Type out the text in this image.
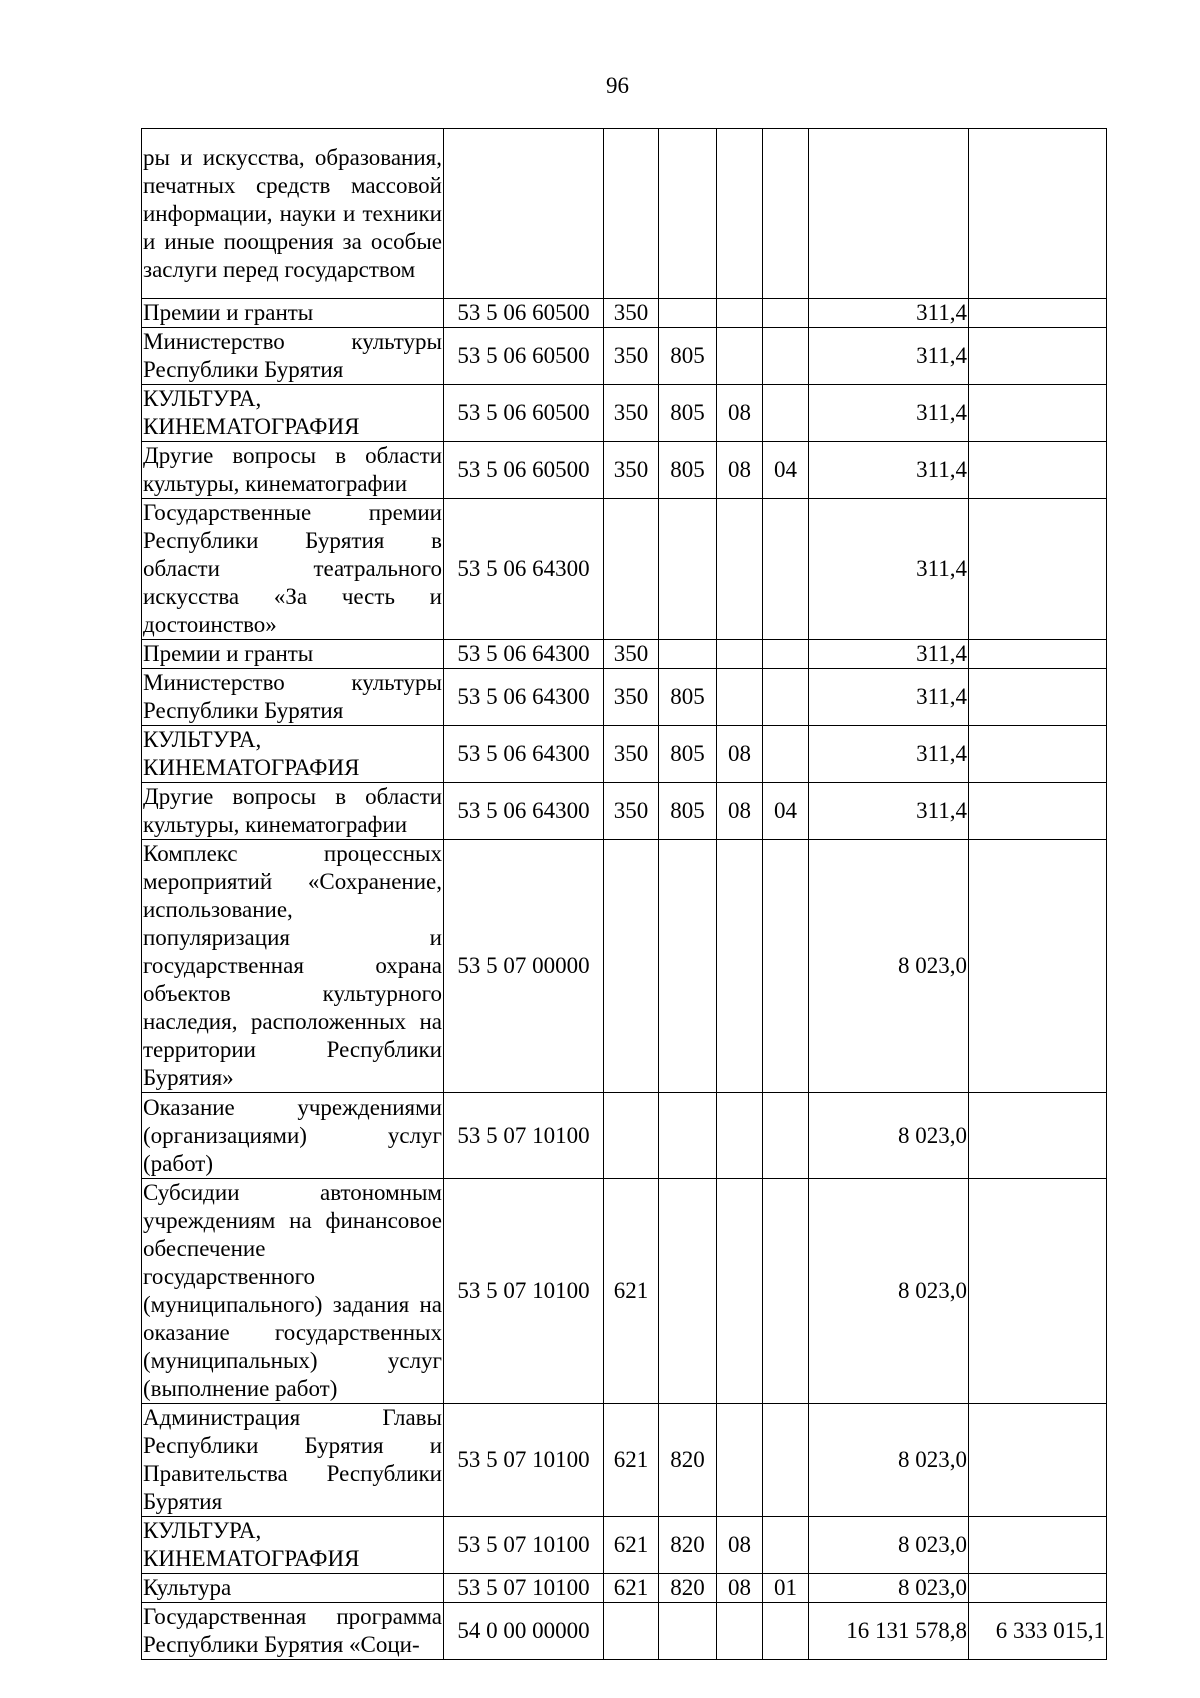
96
ры и искусства, образования, печатных средств массовой информации, науки и техники и иные поощрения за особые заслуги перед государством							
Премии и гранты	53 5 06 60500	350				311,4	
Министерство культуры Республики Бурятия	53 5 06 60500	350	805			311,4	
КУЛЬТУРА, КИНЕМАТОГРАФИЯ	53 5 06 60500	350	805	08		311,4	
Другие вопросы в области культуры, кинематографии	53 5 06 60500	350	805	08	04	311,4	
Государственные премии Республики Бурятия в области театрального искусства «За честь и достоинство»	53 5 06 64300					311,4	
Премии и гранты	53 5 06 64300	350				311,4	
Министерство культуры Республики Бурятия	53 5 06 64300	350	805			311,4	
КУЛЬТУРА, КИНЕМАТОГРАФИЯ	53 5 06 64300	350	805	08		311,4	
Другие вопросы в области культуры, кинематографии	53 5 06 64300	350	805	08	04	311,4	
Комплекс процессных мероприятий «Сохранение, использование, популяризация и государственная охрана объектов культурного наследия, расположенных на территории Республики Бурятия»	53 5 07 00000					8 023,0	
Оказание учреждениями (организациями) услуг (работ)	53 5 07 10100					8 023,0	
Субсидии автономным учреждениям на финансовое обеспечение государственного (муниципального) задания на оказание государственных (муниципальных) услуг (выполнение работ)	53 5 07 10100	621				8 023,0	
Администрация Главы Республики Бурятия и Правительства Республики Бурятия	53 5 07 10100	621	820			8 023,0	
КУЛЬТУРА, КИНЕМАТОГРАФИЯ	53 5 07 10100	621	820	08		8 023,0	
Культура	53 5 07 10100	621	820	08	01	8 023,0	
Государственная программа Республики Бурятия «Соци-	54 0 00 00000					16 131 578,8	6 333 015,1
